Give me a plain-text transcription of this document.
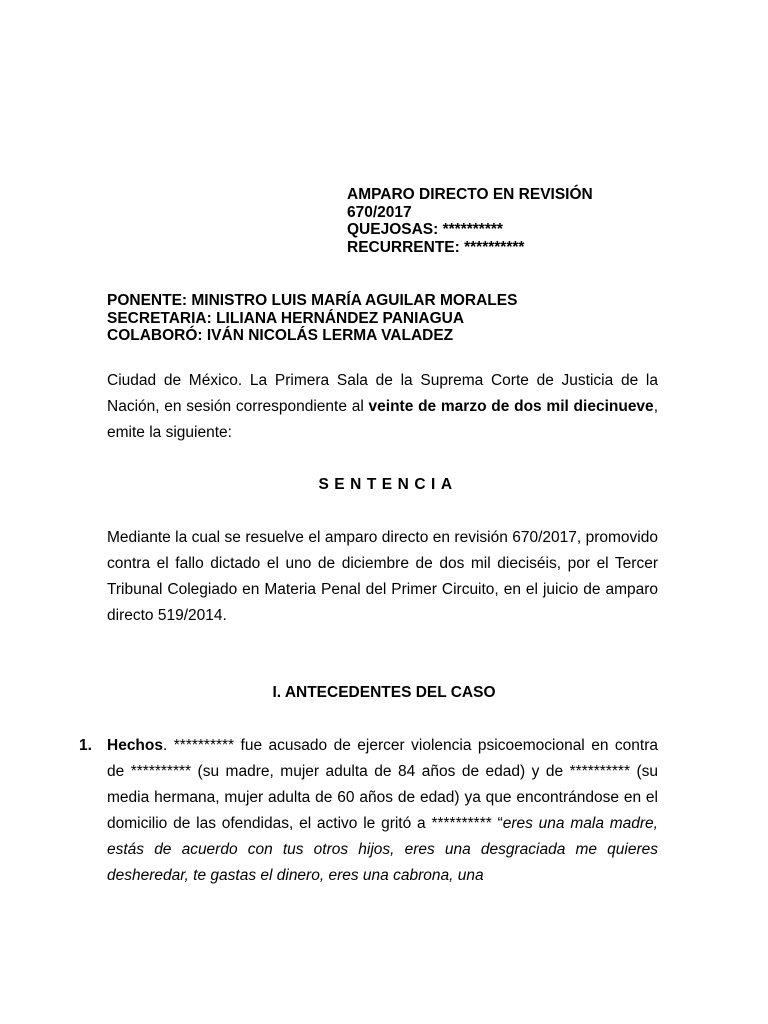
AMPARO DIRECTO EN REVISIÓN
670/2017
QUEJOSAS: **********
RECURRENTE: **********
PONENTE: MINISTRO LUIS MARÍA AGUILAR MORALES
SECRETARIA: LILIANA HERNÁNDEZ PANIAGUA
COLABORÓ: IVÁN NICOLÁS LERMA VALADEZ
Ciudad de México. La Primera Sala de la Suprema Corte de Justicia de la Nación, en sesión correspondiente al veinte de marzo de dos mil diecinueve, emite la siguiente:
SENTENCIA
Mediante la cual se resuelve el amparo directo en revisión 670/2017, promovido contra el fallo dictado el uno de diciembre de dos mil dieciséis, por el Tercer Tribunal Colegiado en Materia Penal del Primer Circuito, en el juicio de amparo directo 519/2014.
I. ANTECEDENTES DEL CASO
1. Hechos. ********** fue acusado de ejercer violencia psicoemocional en contra de ********** (su madre, mujer adulta de 84 años de edad) y de ********** (su media hermana, mujer adulta de 60 años de edad) ya que encontrándose en el domicilio de las ofendidas, el activo le gritó a ********** “eres una mala madre, estás de acuerdo con tus otros hijos, eres una desgraciada me quieres desheredar, te gastas el dinero, eres una cabrona, una
